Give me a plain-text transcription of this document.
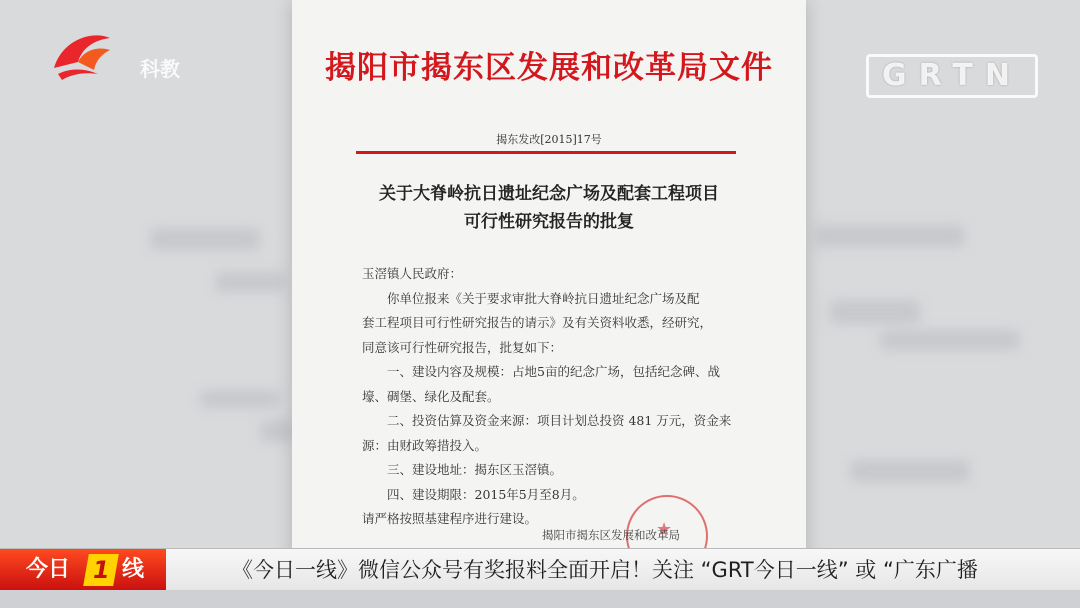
揭阳市揭东区发展和改革局文件
揭东发改[2015]17号
关于大脊岭抗日遗址纪念广场及配套工程项目
可行性研究报告的批复
玉滘镇人民政府：
你单位报来《关于要求审批大脊岭抗日遗址纪念广场及配
套工程项目可行性研究报告的请示》及有关资料收悉，经研究，
同意该可行性研究报告，批复如下：
一、建设内容及规模：占地5亩的纪念广场，包括纪念碑、战
壕、碉堡、绿化及配套。
二、投资估算及资金来源：项目计划总投资 481 万元，资金来
源：由财政筹措投入。
三、建设地址：揭东区玉滘镇。
四、建设期限：2015年5月至8月。
请严格按照基建程序进行建设。
★
揭阳市揭东区发展和改革局
科教	GRTN
今日 1 线	《今日一线》微信公众号有奖报料全面开启！关注 “GRT今日一线” 或 “广东广播
